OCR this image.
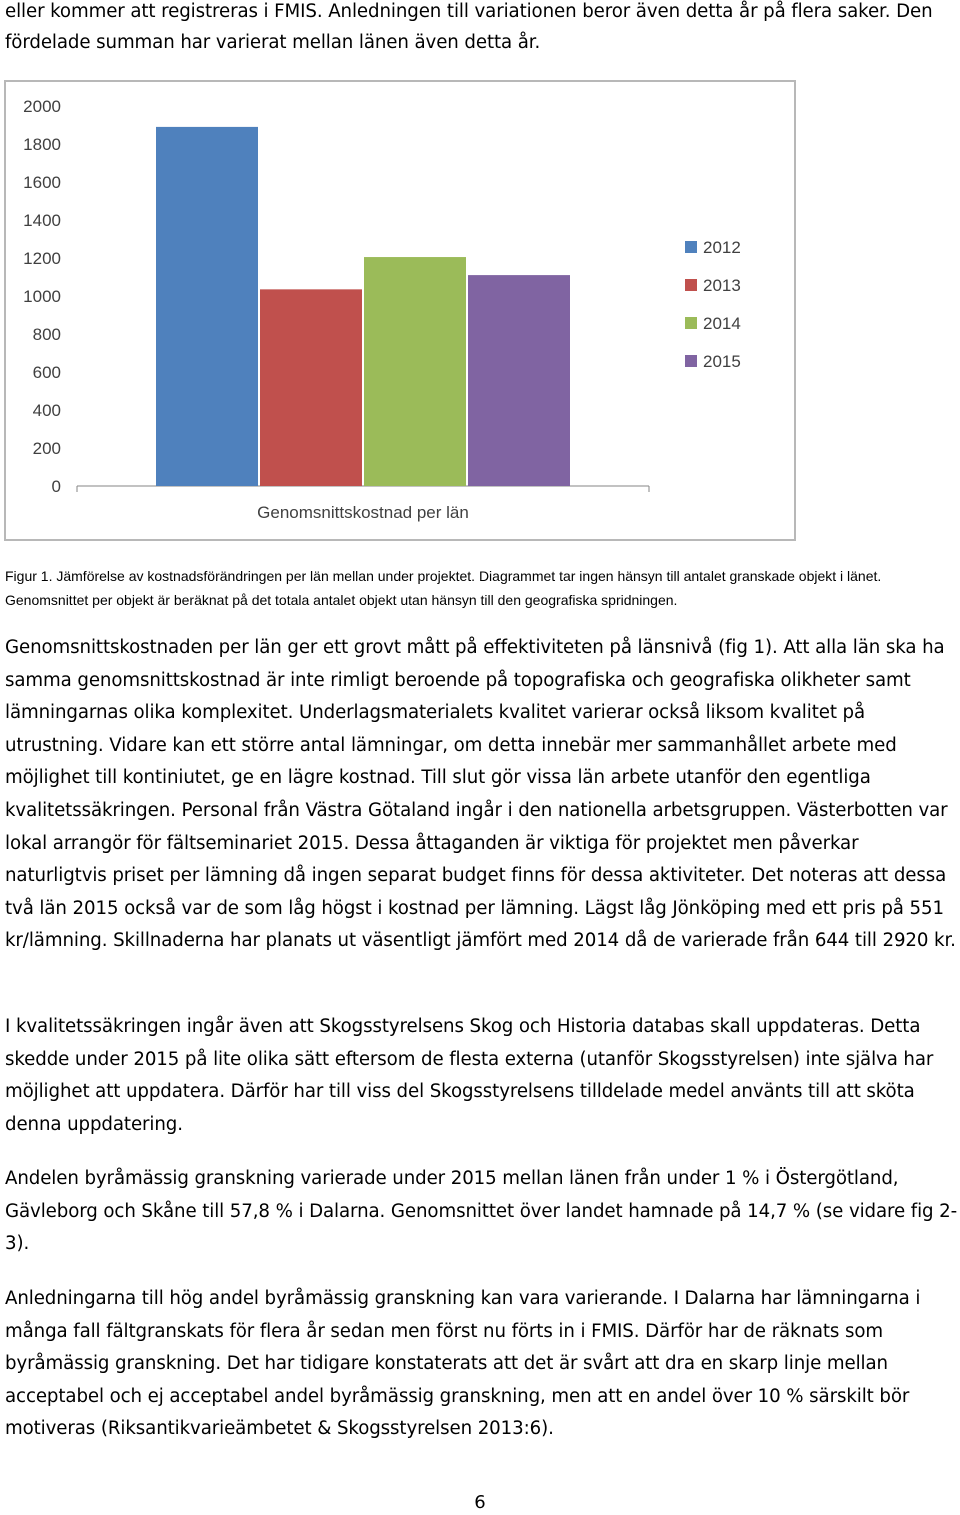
eller kommer att registreras i FMIS. Anledningen till variationen beror även detta år på flera saker. Den fördelade summan har varierat mellan länen även detta år.

0
200
400
600
800
1000
1200
1400
1600
1800
2000
Genomsnittskostnad per län
2012
2013
2014
2015

Figur 1. Jämförelse av kostnadsförändringen per län mellan under projektet. Diagrammet tar ingen hänsyn till antalet granskade objekt i länet. Genomsnittet per objekt är beräknat på det totala antalet objekt utan hänsyn till den geografiska spridningen.

Genomsnittskostnaden per län ger ett grovt mått på effektiviteten på länsnivå (fig 1). Att alla län ska ha samma genomsnittskostnad är inte rimligt beroende på topografiska och geografiska olikheter samt lämningarnas olika komplexitet. Underlagsmaterialets kvalitet varierar också liksom kvalitet på utrustning. Vidare kan ett större antal lämningar, om detta innebär mer sammanhållet arbete med möjlighet till kontiniutet, ge en lägre kostnad. Till slut gör vissa län arbete utanför den egentliga kvalitetssäkringen. Personal från Västra Götaland ingår i den nationella arbetsgruppen. Västerbotten var lokal arrangör för fältseminariet 2015. Dessa åttaganden är viktiga för projektet men påverkar naturligtvis priset per lämning då ingen separat budget finns för dessa aktiviteter. Det noteras att dessa två län 2015 också var de som låg högst i kostnad per lämning. Lägst låg Jönköping med ett pris på 551 kr/lämning. Skillnaderna har planats ut väsentligt jämfört med 2014 då de varierade från 644 till 2920 kr.

I kvalitetssäkringen ingår även att Skogsstyrelsens Skog och Historia databas skall uppdateras. Detta skedde under 2015 på lite olika sätt eftersom de flesta externa (utanför Skogsstyrelsen) inte själva har möjlighet att uppdatera. Därför har till viss del Skogsstyrelsens tilldelade medel använts till att sköta denna uppdatering.

Andelen byråmässig granskning varierade under 2015 mellan länen från under 1 % i Östergötland, Gävleborg och Skåne till 57,8 % i Dalarna. Genomsnittet över landet hamnade på 14,7 % (se vidare fig 2-3).

Anledningarna till hög andel byråmässig granskning kan vara varierande. I Dalarna har lämningarna i många fall fältgranskats för flera år sedan men först nu förts in i FMIS. Därför har de räknats som byråmässig granskning. Det har tidigare konstaterats att det är svårt att dra en skarp linje mellan acceptabel och ej acceptabel andel byråmässig granskning, men att en andel över 10 % särskilt bör motiveras (Riksantikvarieämbetet & Skogsstyrelsen 2013:6).

6
